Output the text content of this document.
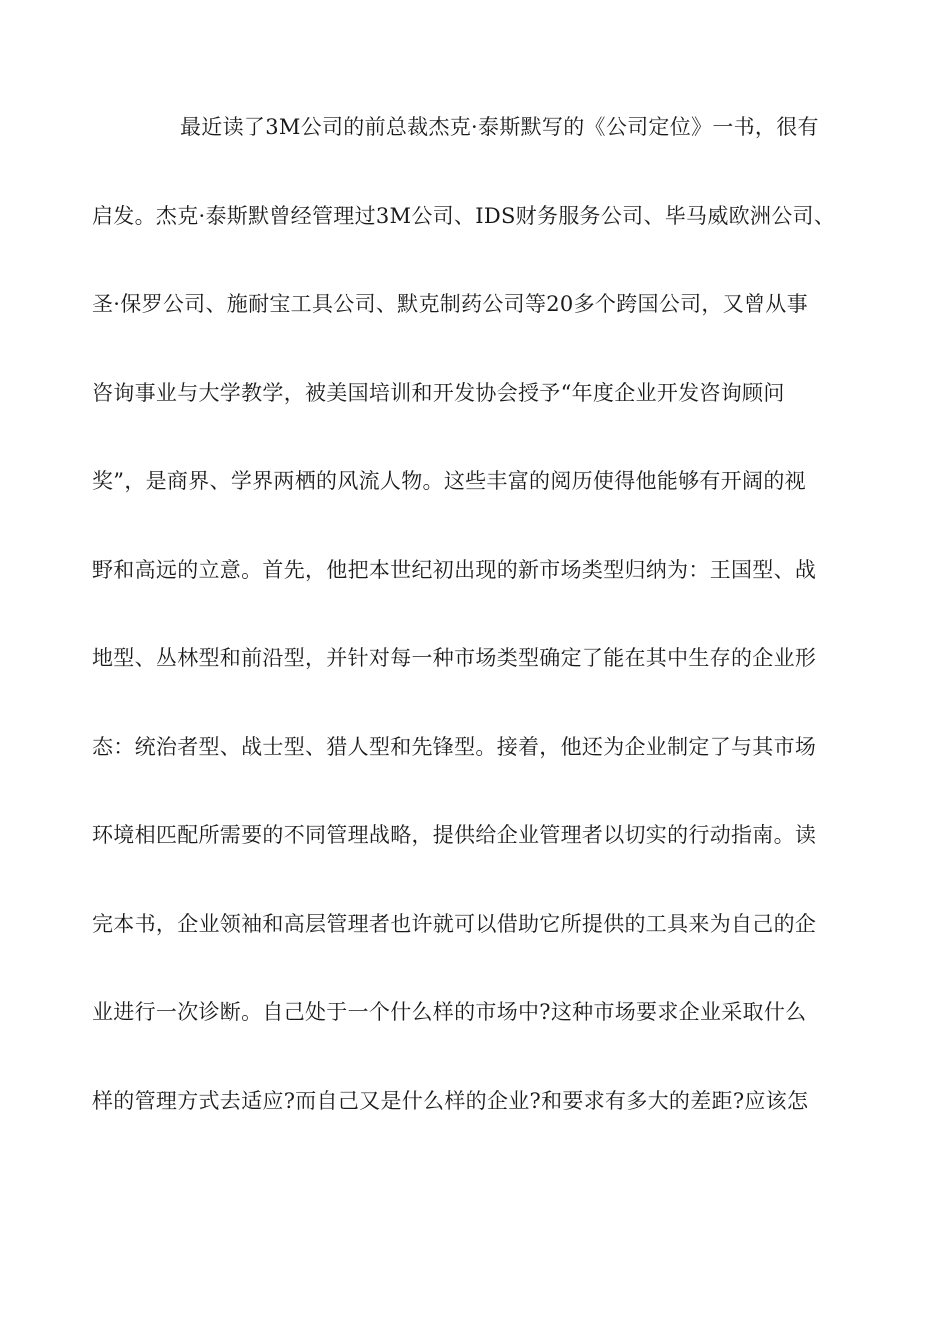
最近读了3M公司的前总裁杰克·泰斯默写的《公司定位》一书，很有
启发。杰克·泰斯默曾经管理过3M公司、IDS财务服务公司、毕马威欧洲公司、
圣·保罗公司、施耐宝工具公司、默克制药公司等20多个跨国公司，又曾从事
咨询事业与大学教学，被美国培训和开发协会授予“年度企业开发咨询顾问
奖”，是商界、学界两栖的风流人物。这些丰富的阅历使得他能够有开阔的视
野和高远的立意。首先，他把本世纪初出现的新市场类型归纳为：王国型、战
地型、丛林型和前沿型，并针对每一种市场类型确定了能在其中生存的企业形
态：统治者型、战士型、猎人型和先锋型。接着，他还为企业制定了与其市场
环境相匹配所需要的不同管理战略，提供给企业管理者以切实的行动指南。读
完本书，企业领袖和高层管理者也许就可以借助它所提供的工具来为自己的企
业进行一次诊断。自己处于一个什么样的市场中?这种市场要求企业采取什么
样的管理方式去适应?而自己又是什么样的企业?和要求有多大的差距?应该怎
